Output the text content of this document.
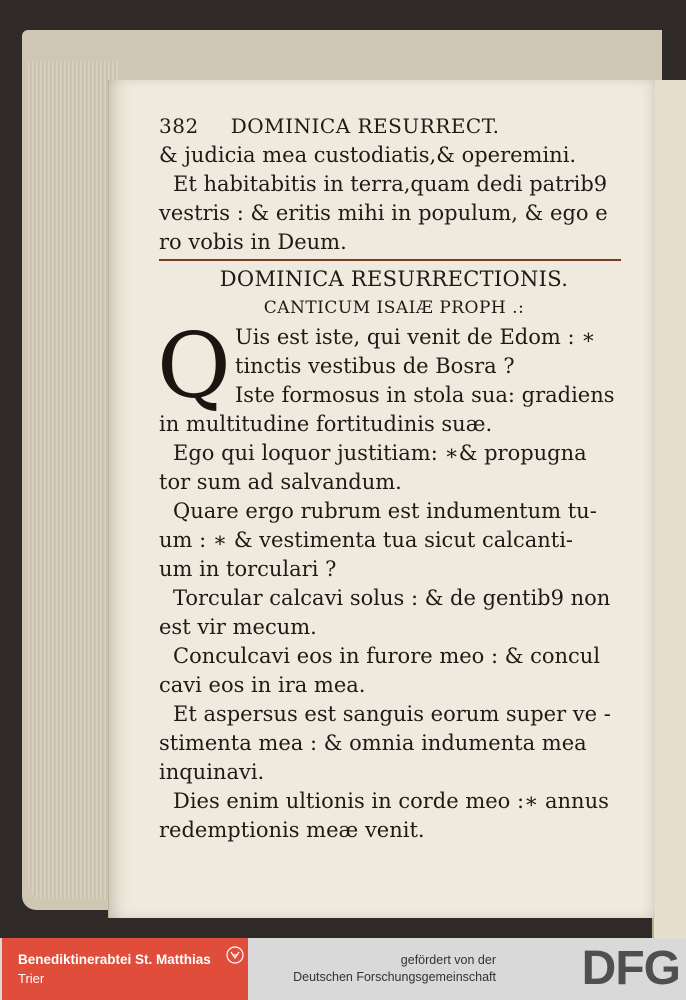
382 DOMINICA RESURRECT.
& judicia mea custodiatis,& operemini.
Et habitabitis in terra,quam dedi patrib9
vestris : & eritis mihi in populum, & ego e
ro vobis in Deum.
DOMINICA RESURRECTIONIS.
CANTICUM ISAIÆ PROPH .:
Q Uis est iste, qui venit de Edom : ∗
tinctis vestibus de Bosra ?
Iste formosus in stola sua: gradiens
in multitudine fortitudinis suæ.
Ego qui loquor justitiam: ∗& propugna
tor sum ad salvandum.
Quare ergo rubrum est indumentum tu-
um : ∗ & vestimenta tua sicut calcanti-
um in torculari ?
Torcular calcavi solus : & de gentib9 non
est vir mecum.
Conculcavi eos in furore meo : & concul
cavi eos in ira mea.
Et aspersus est sanguis eorum super ve -
stimenta mea : & omnia indumenta mea
inquinavi.
Dies enim ultionis in corde meo :∗ annus
redemptionis meæ venit.
Benediktinerabtei St. Matthias
Trier
gefördert von der
Deutschen Forschungsgemeinschaft DFG
